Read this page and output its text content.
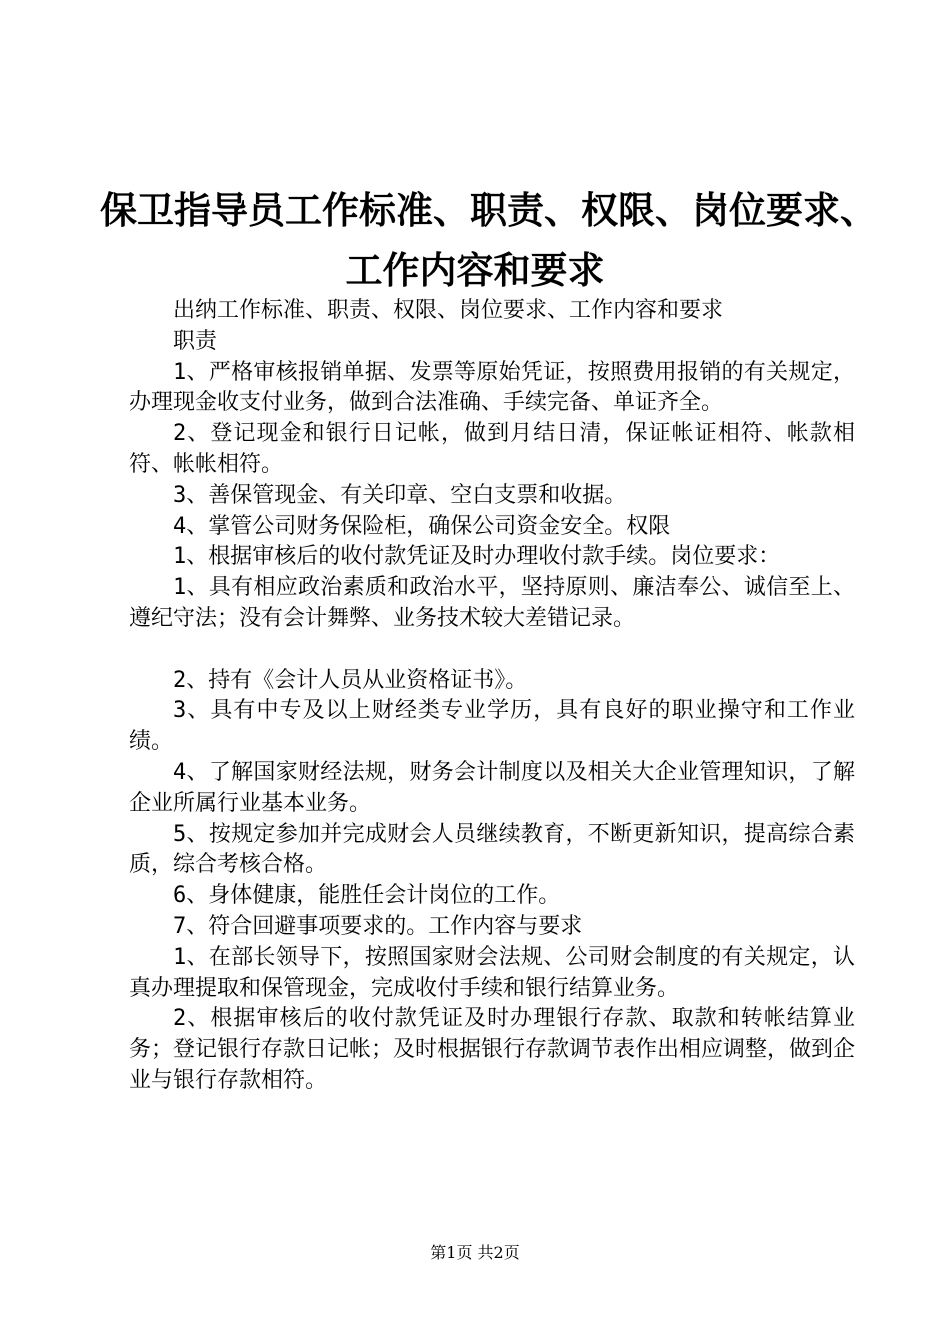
保卫指导员工作标准、职责、权限、岗位要求、
工作内容和要求

出纳工作标准、职责、权限、岗位要求、工作内容和要求

职责

1、严格审核报销单据、发票等原始凭证，按照费用报销的有关规定，办理现金收支付业务，做到合法准确、手续完备、单证齐全。

2、登记现金和银行日记帐，做到月结日清，保证帐证相符、帐款相符、帐帐相符。

3、善保管现金、有关印章、空白支票和收据。

4、掌管公司财务保险柜，确保公司资金安全。权限

1、根据审核后的收付款凭证及时办理收付款手续。岗位要求：

1、具有相应政治素质和政治水平，坚持原则、廉洁奉公、诚信至上、遵纪守法；没有会计舞弊、业务技术较大差错记录。

2、持有《会计人员从业资格证书》。

3、具有中专及以上财经类专业学历，具有良好的职业操守和工作业绩。

4、了解国家财经法规，财务会计制度以及相关大企业管理知识，了解企业所属行业基本业务。

5、按规定参加并完成财会人员继续教育，不断更新知识，提高综合素质，综合考核合格。

6、身体健康，能胜任会计岗位的工作。

7、符合回避事项要求的。工作内容与要求

1、在部长领导下，按照国家财会法规、公司财会制度的有关规定，认真办理提取和保管现金，完成收付手续和银行结算业务。

2、根据审核后的收付款凭证及时办理银行存款、取款和转帐结算业务；登记银行存款日记帐；及时根据银行存款调节表作出相应调整，做到企业与银行存款相符。

第1页 共2页
